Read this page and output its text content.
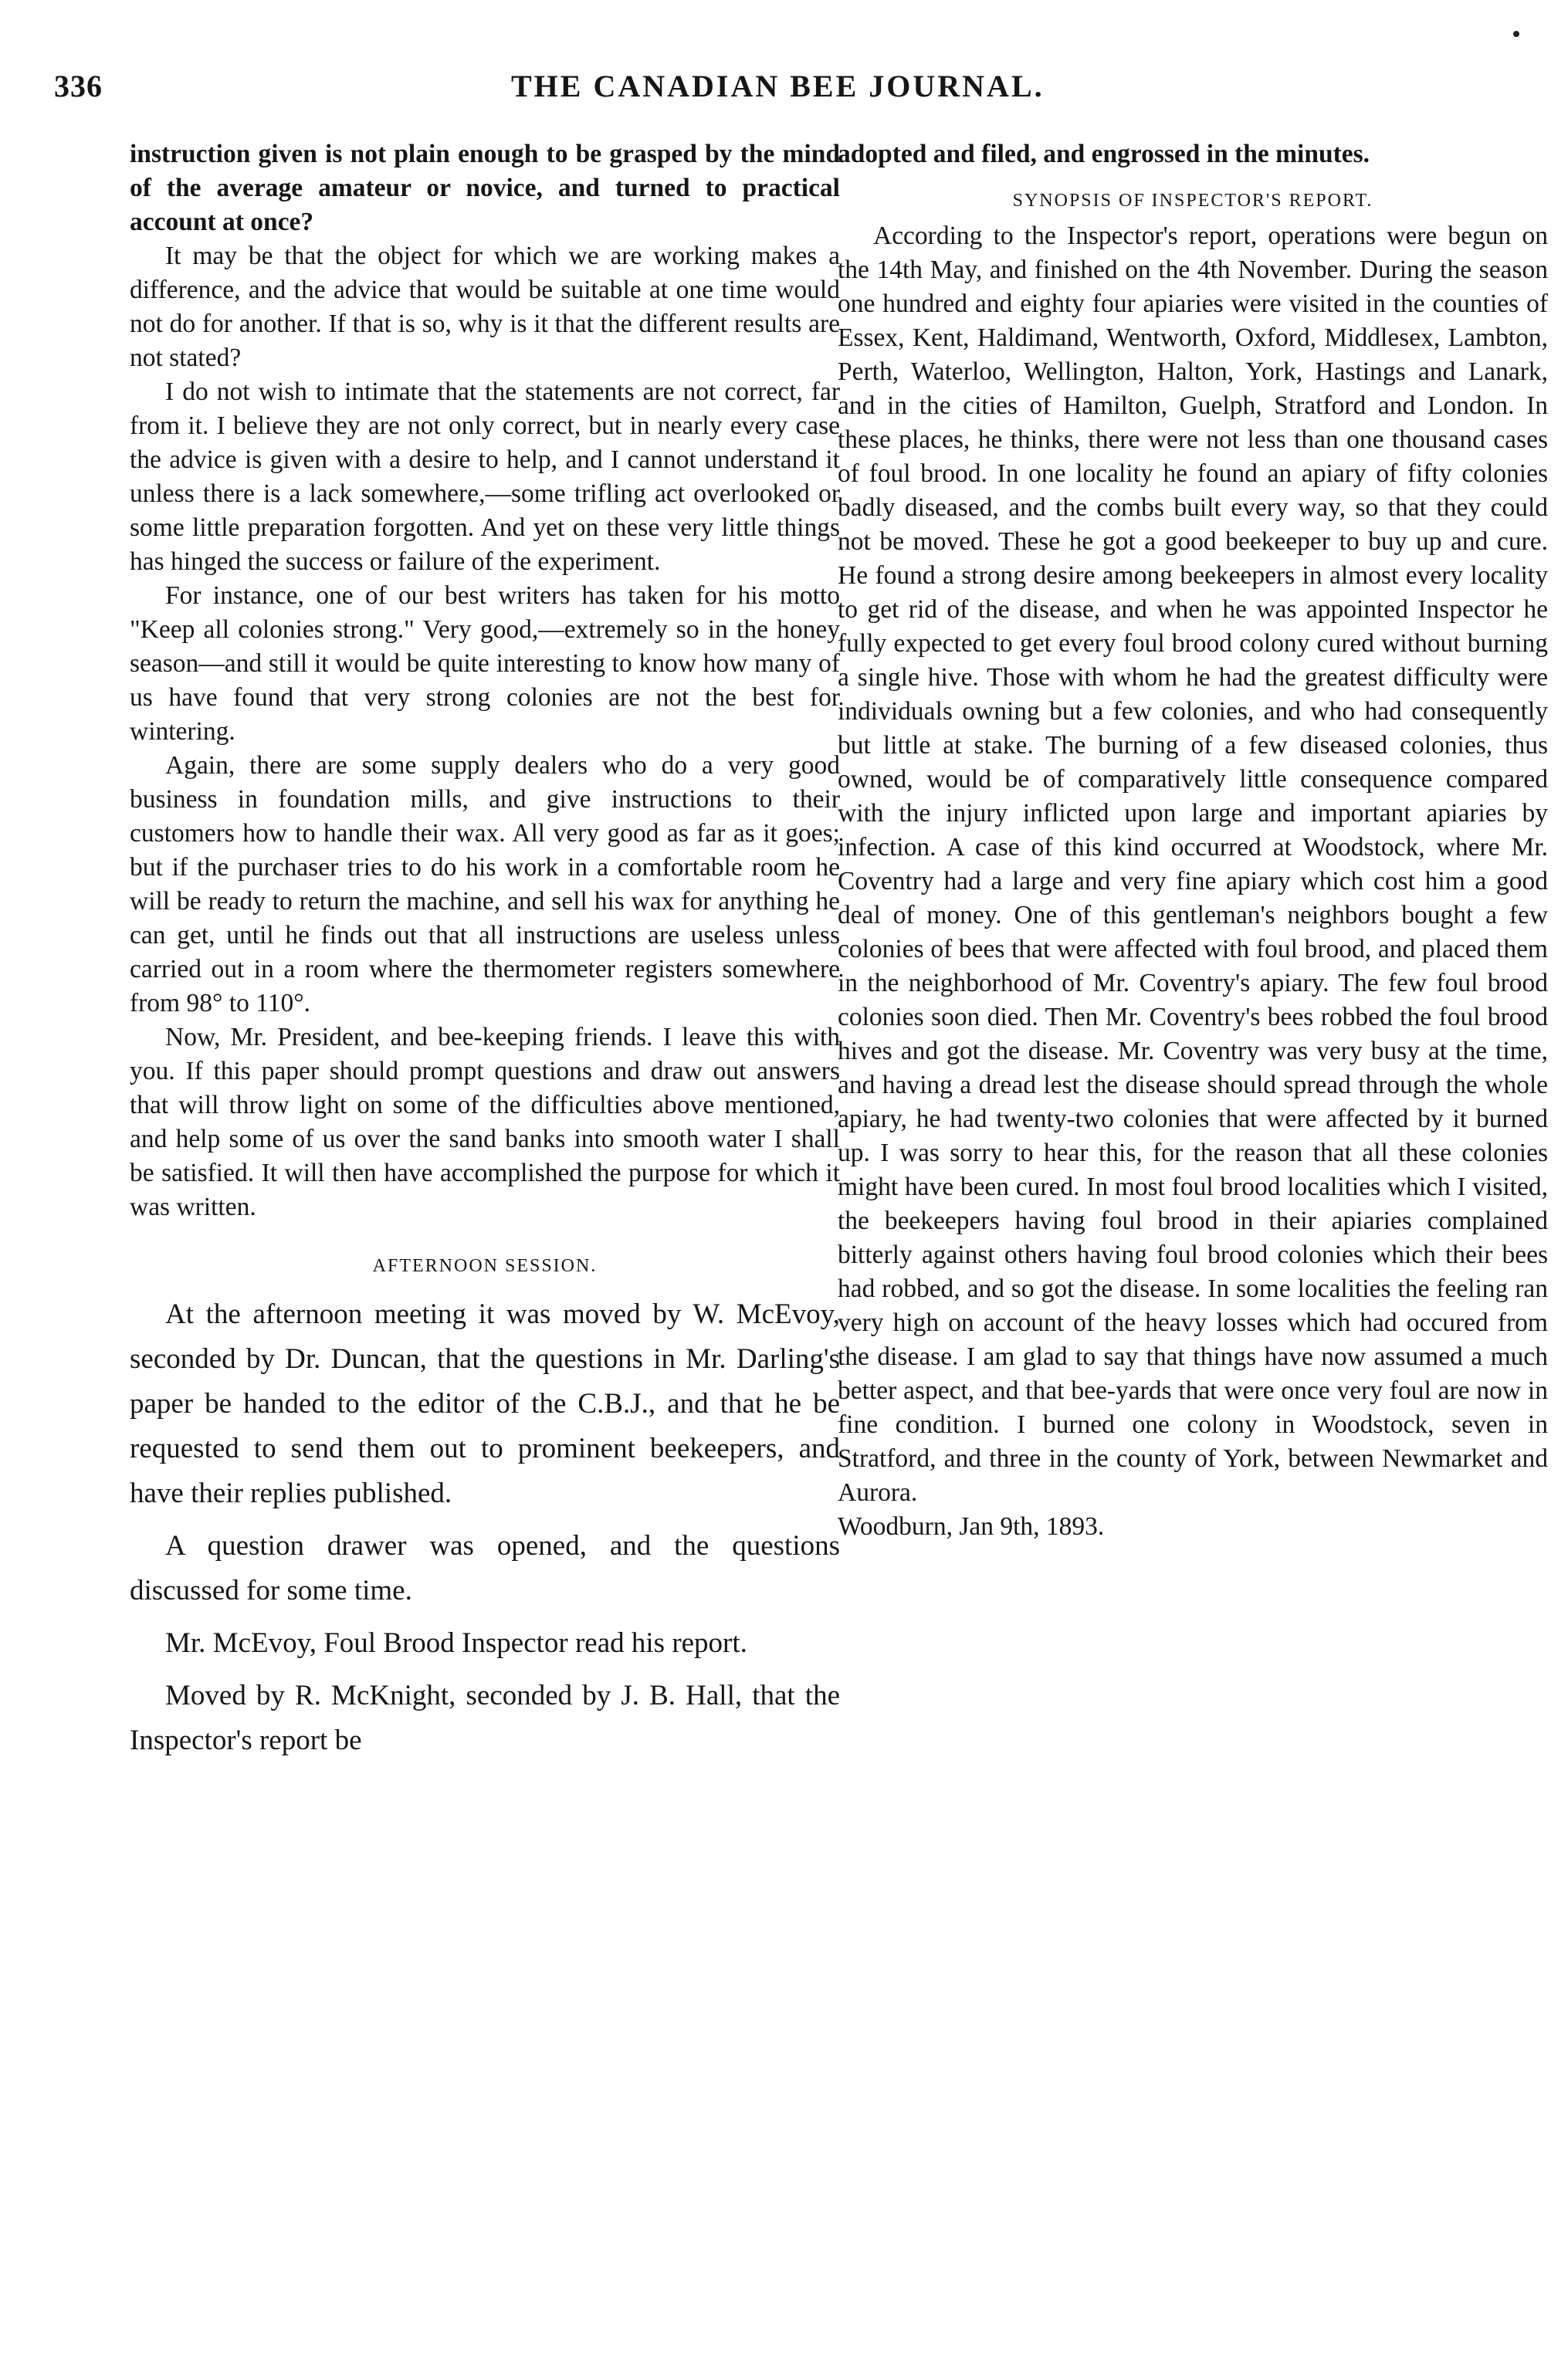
336	THE CANADIAN BEE JOURNAL.

instruction given is not plain enough to be grasped by the mind of the average amateur or novice, and turned to practical account at once?

It may be that the object for which we are working makes a difference, and the advice that would be suitable at one time would not do for another. If that is so, why is it that the different results are not stated?

I do not wish to intimate that the statements are not correct, far from it. I believe they are not only correct, but in nearly every case the advice is given with a desire to help, and I cannot understand it unless there is a lack somewhere,—some trifling act overlooked or some little preparation forgotten. And yet on these very little things has hinged the success or failure of the experiment.

For instance, one of our best writers has taken for his motto "Keep all colonies strong." Very good,—extremely so in the honey season—and still it would be quite interesting to know how many of us have found that very strong colonies are not the best for wintering.

Again, there are some supply dealers who do a very good business in foundation mills, and give instructions to their customers how to handle their wax. All very good as far as it goes; but if the purchaser tries to do his work in a comfortable room he will be ready to return the machine, and sell his wax for anything he can get, until he finds out that all instructions are useless unless carried out in a room where the thermometer registers somewhere from 98° to 110°.

Now, Mr. President, and bee-keeping friends. I leave this with you. If this paper should prompt questions and draw out answers that will throw light on some of the difficulties above mentioned, and help some of us over the sand banks into smooth water I shall be satisfied. It will then have accomplished the purpose for which it was written.

AFTERNOON SESSION.

At the afternoon meeting it was moved by W. McEvoy, seconded by Dr. Duncan, that the questions in Mr. Darling's paper be handed to the editor of the C.B.J., and that he be requested to send them out to prominent beekeepers, and have their replies published.

A question drawer was opened, and the questions discussed for some time.

Mr. McEvoy, Foul Brood Inspector read his report.

Moved by R. McKnight, seconded by J. B. Hall, that the Inspector's report be

adopted and filed, and engrossed in the minutes.

SYNOPSIS OF INSPECTOR'S REPORT.

According to the Inspector's report, operations were begun on the 14th May, and finished on the 4th November. During the season one hundred and eighty four apiaries were visited in the counties of Essex, Kent, Haldimand, Wentworth, Oxford, Middlesex, Lambton, Perth, Waterloo, Wellington, Halton, York, Hastings and Lanark, and in the cities of Hamilton, Guelph, Stratford and London. In these places, he thinks, there were not less than one thousand cases of foul brood. In one locality he found an apiary of fifty colonies badly diseased, and the combs built every way, so that they could not be moved. These he got a good beekeeper to buy up and cure. He found a strong desire among beekeepers in almost every locality to get rid of the disease, and when he was appointed Inspector he fully expected to get every foul brood colony cured without burning a single hive. Those with whom he had the greatest difficulty were individuals owning but a few colonies, and who had consequently but little at stake. The burning of a few diseased colonies, thus owned, would be of comparatively little consequence compared with the injury inflicted upon large and important apiaries by infection. A case of this kind occurred at Woodstock, where Mr. Coventry had a large and very fine apiary which cost him a good deal of money. One of this gentleman's neighbors bought a few colonies of bees that were affected with foul brood, and placed them in the neighborhood of Mr. Coventry's apiary. The few foul brood colonies soon died. Then Mr. Coventry's bees robbed the foul brood hives and got the disease. Mr. Coventry was very busy at the time, and having a dread lest the disease should spread through the whole apiary, he had twenty-two colonies that were affected by it burned up. I was sorry to hear this, for the reason that all these colonies might have been cured. In most foul brood localities which I visited, the beekeepers having foul brood in their apiaries complained bitterly against others having foul brood colonies which their bees had robbed, and so got the disease. In some localities the feeling ran very high on account of the heavy losses which had occured from the disease. I am glad to say that things have now assumed a much better aspect, and that bee-yards that were once very foul are now in fine condition. I burned one colony in Woodstock, seven in Stratford, and three in the county of York, between Newmarket and Aurora.

Woodburn, Jan 9th, 1893.
